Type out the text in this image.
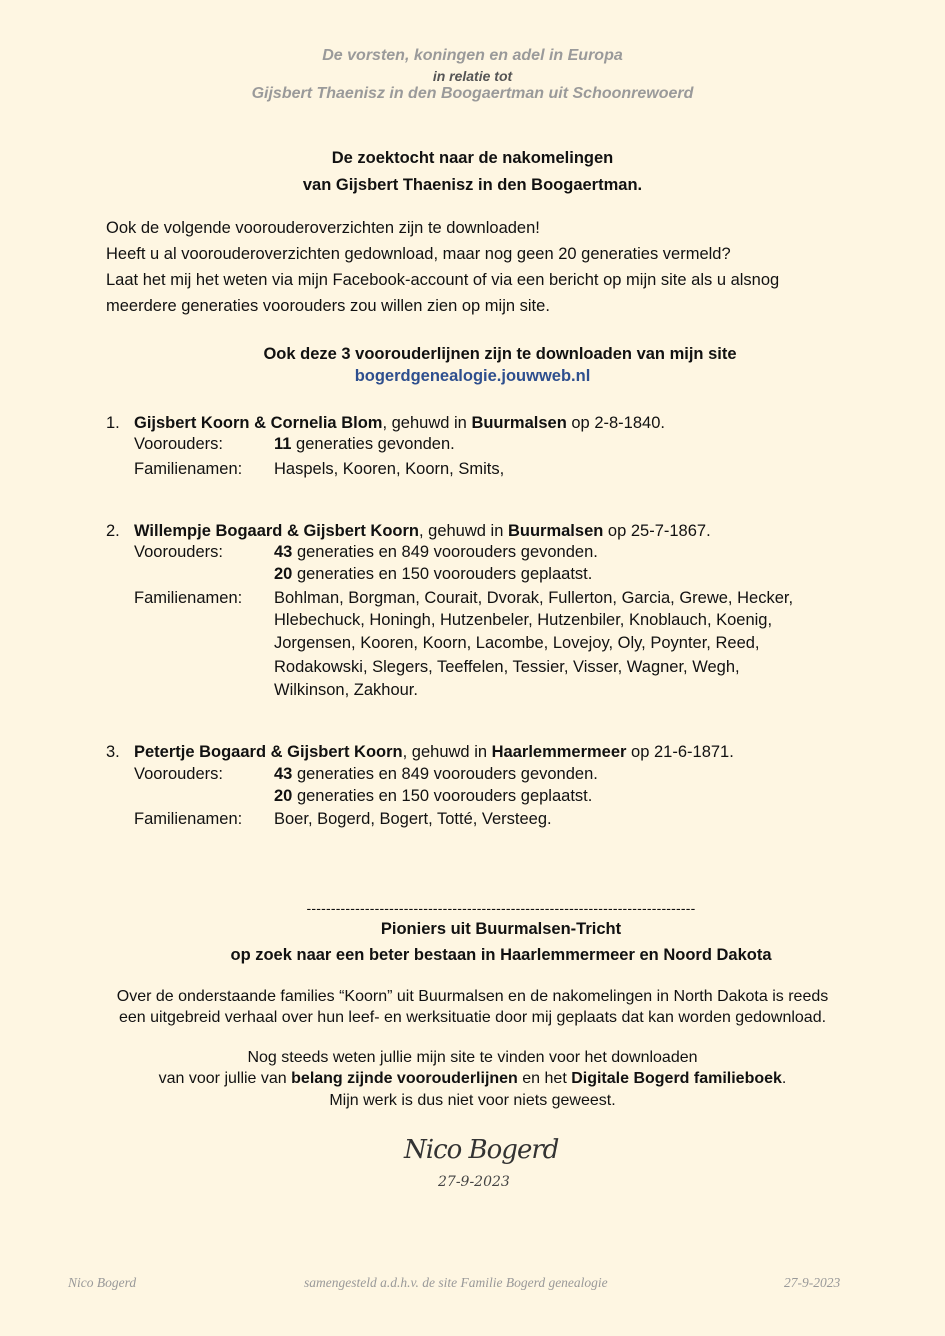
De vorsten, koningen en adel in Europa
in relatie tot
Gijsbert Thaenisz in den Boogaertman uit Schoonrewoerd
De zoektocht naar de nakomelingen
van Gijsbert Thaenisz in den Boogaertman.
Ook de volgende voorouderoverzichten zijn te downloaden!
Heeft u al voorouderoverzichten gedownload, maar nog geen 20 generaties vermeld?
Laat het mij het weten via mijn Facebook-account of via een bericht op mijn site als u alsnog
meerdere generaties voorouders zou willen zien op mijn site.
Ook deze 3 voorouderlijnen zijn te downloaden van mijn site
bogerdgenealogie.jouwweb.nl
1. Gijsbert Koorn & Cornelia Blom, gehuwd in Buurmalsen op 2-8-1840.
Voorouders:	11 generaties gevonden.
Familienamen: Haspels, Kooren, Koorn, Smits,
2. Willempje Bogaard & Gijsbert Koorn, gehuwd in Buurmalsen op 25-7-1867.
Voorouders:	43 generaties en 849 voorouders gevonden.
20 generaties en 150 voorouders geplaatst.
Familienamen: Bohlman, Borgman, Courait, Dvorak, Fullerton, Garcia, Grewe, Hecker,
Hlebechuck, Honingh, Hutzenbeler, Hutzenbiler, Knoblauch, Koenig,
Jorgensen, Kooren, Koorn, Lacombe, Lovejoy, Oly, Poynter, Reed,
Rodakowski, Slegers, Teeffelen, Tessier, Visser, Wagner, Wegh,
Wilkinson, Zakhour.
3. Petertje Bogaard & Gijsbert Koorn, gehuwd in Haarlemmermeer op 21-6-1871.
Voorouders:	43 generaties en 849 voorouders gevonden.
20 generaties en 150 voorouders geplaatst.
Familienamen: Boer, Bogerd, Bogert, Totté, Versteeg.
--------------------------------------------------------------------------------
Pioniers uit Buurmalsen-Tricht
op zoek naar een beter bestaan in Haarlemmermeer en Noord Dakota
Over de onderstaande families “Koorn” uit Buurmalsen en de nakomelingen in North Dakota is reeds
een uitgebreid verhaal over hun leef- en werksituatie door mij geplaats dat kan worden gedownload.
Nog steeds weten jullie mijn site te vinden voor het downloaden
van voor jullie van belang zijnde voorouderlijnen en het Digitale Bogerd familieboek.
Mijn werk is dus niet voor niets geweest.
Nico Bogerd
27-9-2023
Nico Bogerd	samengesteld a.d.h.v. de site Familie Bogerd genealogie	27-9-2023
